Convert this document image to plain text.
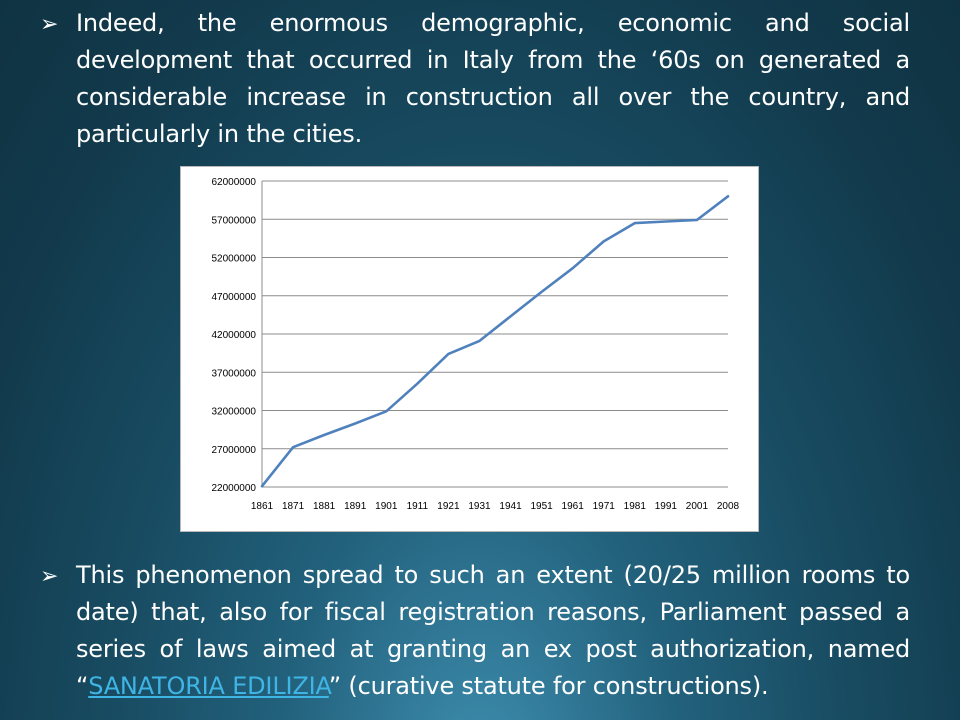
➢ Indeed, the enormous demographic, economic and social development that occurred in Italy from the ‘60s on generated a considerable increase in construction all over the country, and particularly in the cities.
62000000
57000000
52000000
47000000
42000000
37000000
32000000
27000000
22000000
1861 1871 1881 1891 1901 1911 1921 1931 1941 1951 1961 1971 1981 1991 2001 2008
➢ This phenomenon spread to such an extent (20/25 million rooms to date) that, also for fiscal registration reasons, Parliament passed a series of laws aimed at granting an ex post authorization, named “SANATORIA EDILIZIA” (curative statute for constructions).
